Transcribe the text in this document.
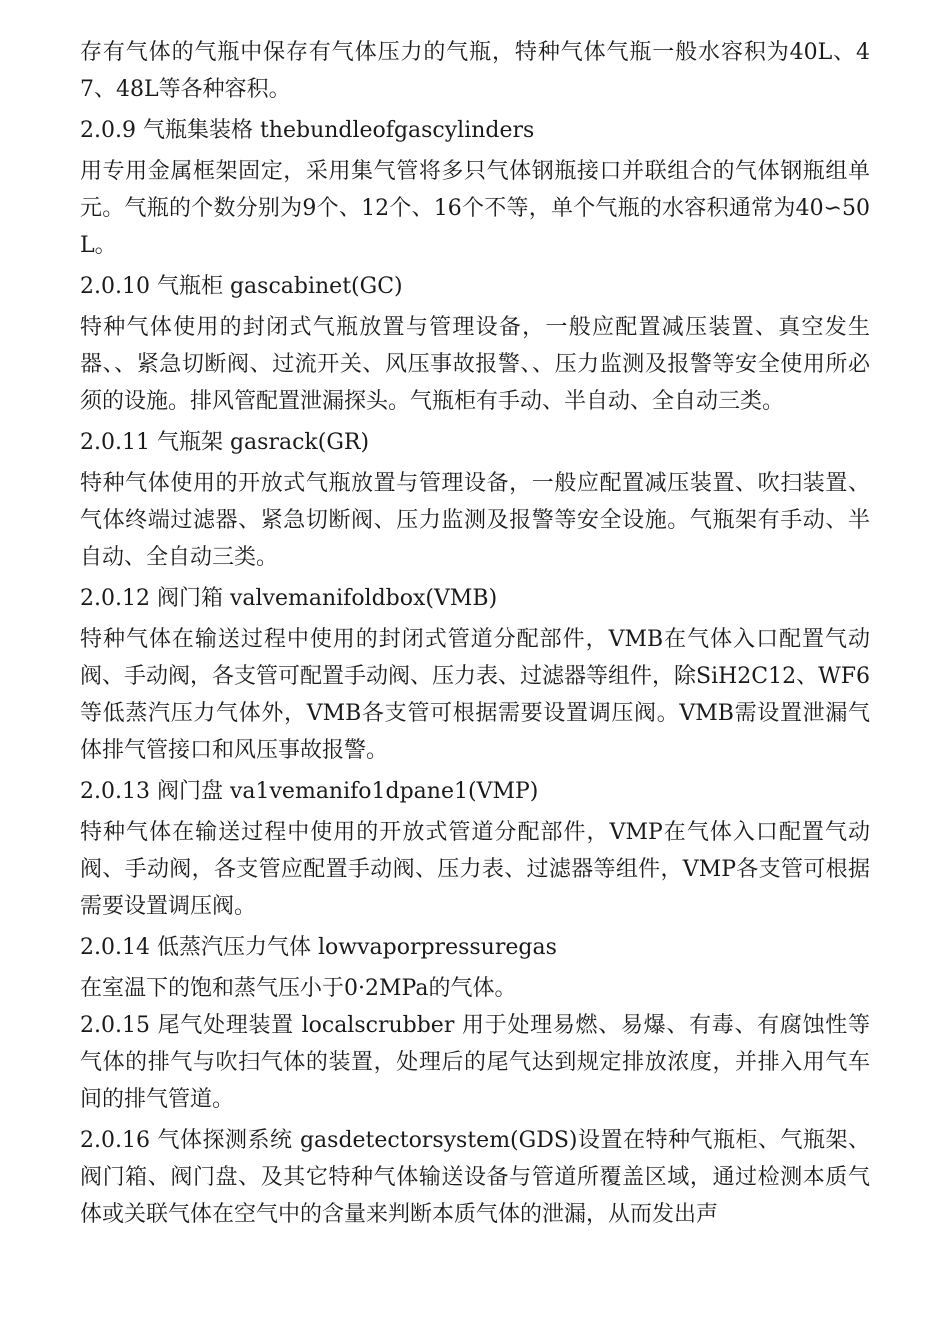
存有气体的气瓶中保存有气体压力的气瓶，特种气体气瓶一般水容积为40L、47、48L等各种容积。

2.0.9 气瓶集装格 thebundleofgascylinders

用专用金属框架固定，采用集气管将多只气体钢瓶接口并联组合的气体钢瓶组单元。气瓶的个数分别为9个、12个、16个不等，单个气瓶的水容积通常为40∽50L。

2.0.10 气瓶柜 gascabinet(GC)

特种气体使用的封闭式气瓶放置与管理设备，一般应配置减压装置、真空发生器、、紧急切断阀、过流开关、风压事故报警、、压力监测及报警等安全使用所必须的设施。排风管配置泄漏探头。气瓶柜有手动、半自动、全自动三类。

2.0.11 气瓶架 gasrack(GR)

特种气体使用的开放式气瓶放置与管理设备，一般应配置减压装置、吹扫装置、气体终端过滤器、紧急切断阀、压力监测及报警等安全设施。气瓶架有手动、半自动、全自动三类。

2.0.12 阀门箱 valvemanifoldbox(VMB)

特种气体在输送过程中使用的封闭式管道分配部件，VMB在气体入口配置气动阀、手动阀，各支管可配置手动阀、压力表、过滤器等组件，除SiH2C12、WF6等低蒸汽压力气体外，VMB各支管可根据需要设置调压阀。VMB需设置泄漏气体排气管接口和风压事故报警。

2.0.13 阀门盘 va1vemanifo1dpane1(VMP)

特种气体在输送过程中使用的开放式管道分配部件，VMP在气体入口配置气动阀、手动阀，各支管应配置手动阀、压力表、过滤器等组件，VMP各支管可根据需要设置调压阀。

2.0.14 低蒸汽压力气体 lowvaporpressuregas

在室温下的饱和蒸气压小于0·2MPa的气体。

2.0.15 尾气处理装置 localscrubber 用于处理易燃、易爆、有毒、有腐蚀性等气体的排气与吹扫气体的装置，处理后的尾气达到规定排放浓度，并排入用气车间的排气管道。

2.0.16 气体探测系统 gasdetectorsystem(GDS)设置在特种气瓶柜、气瓶架、阀门箱、阀门盘、及其它特种气体输送设备与管道所覆盖区域，通过检测本质气体或关联气体在空气中的含量来判断本质气体的泄漏，从而发出声
